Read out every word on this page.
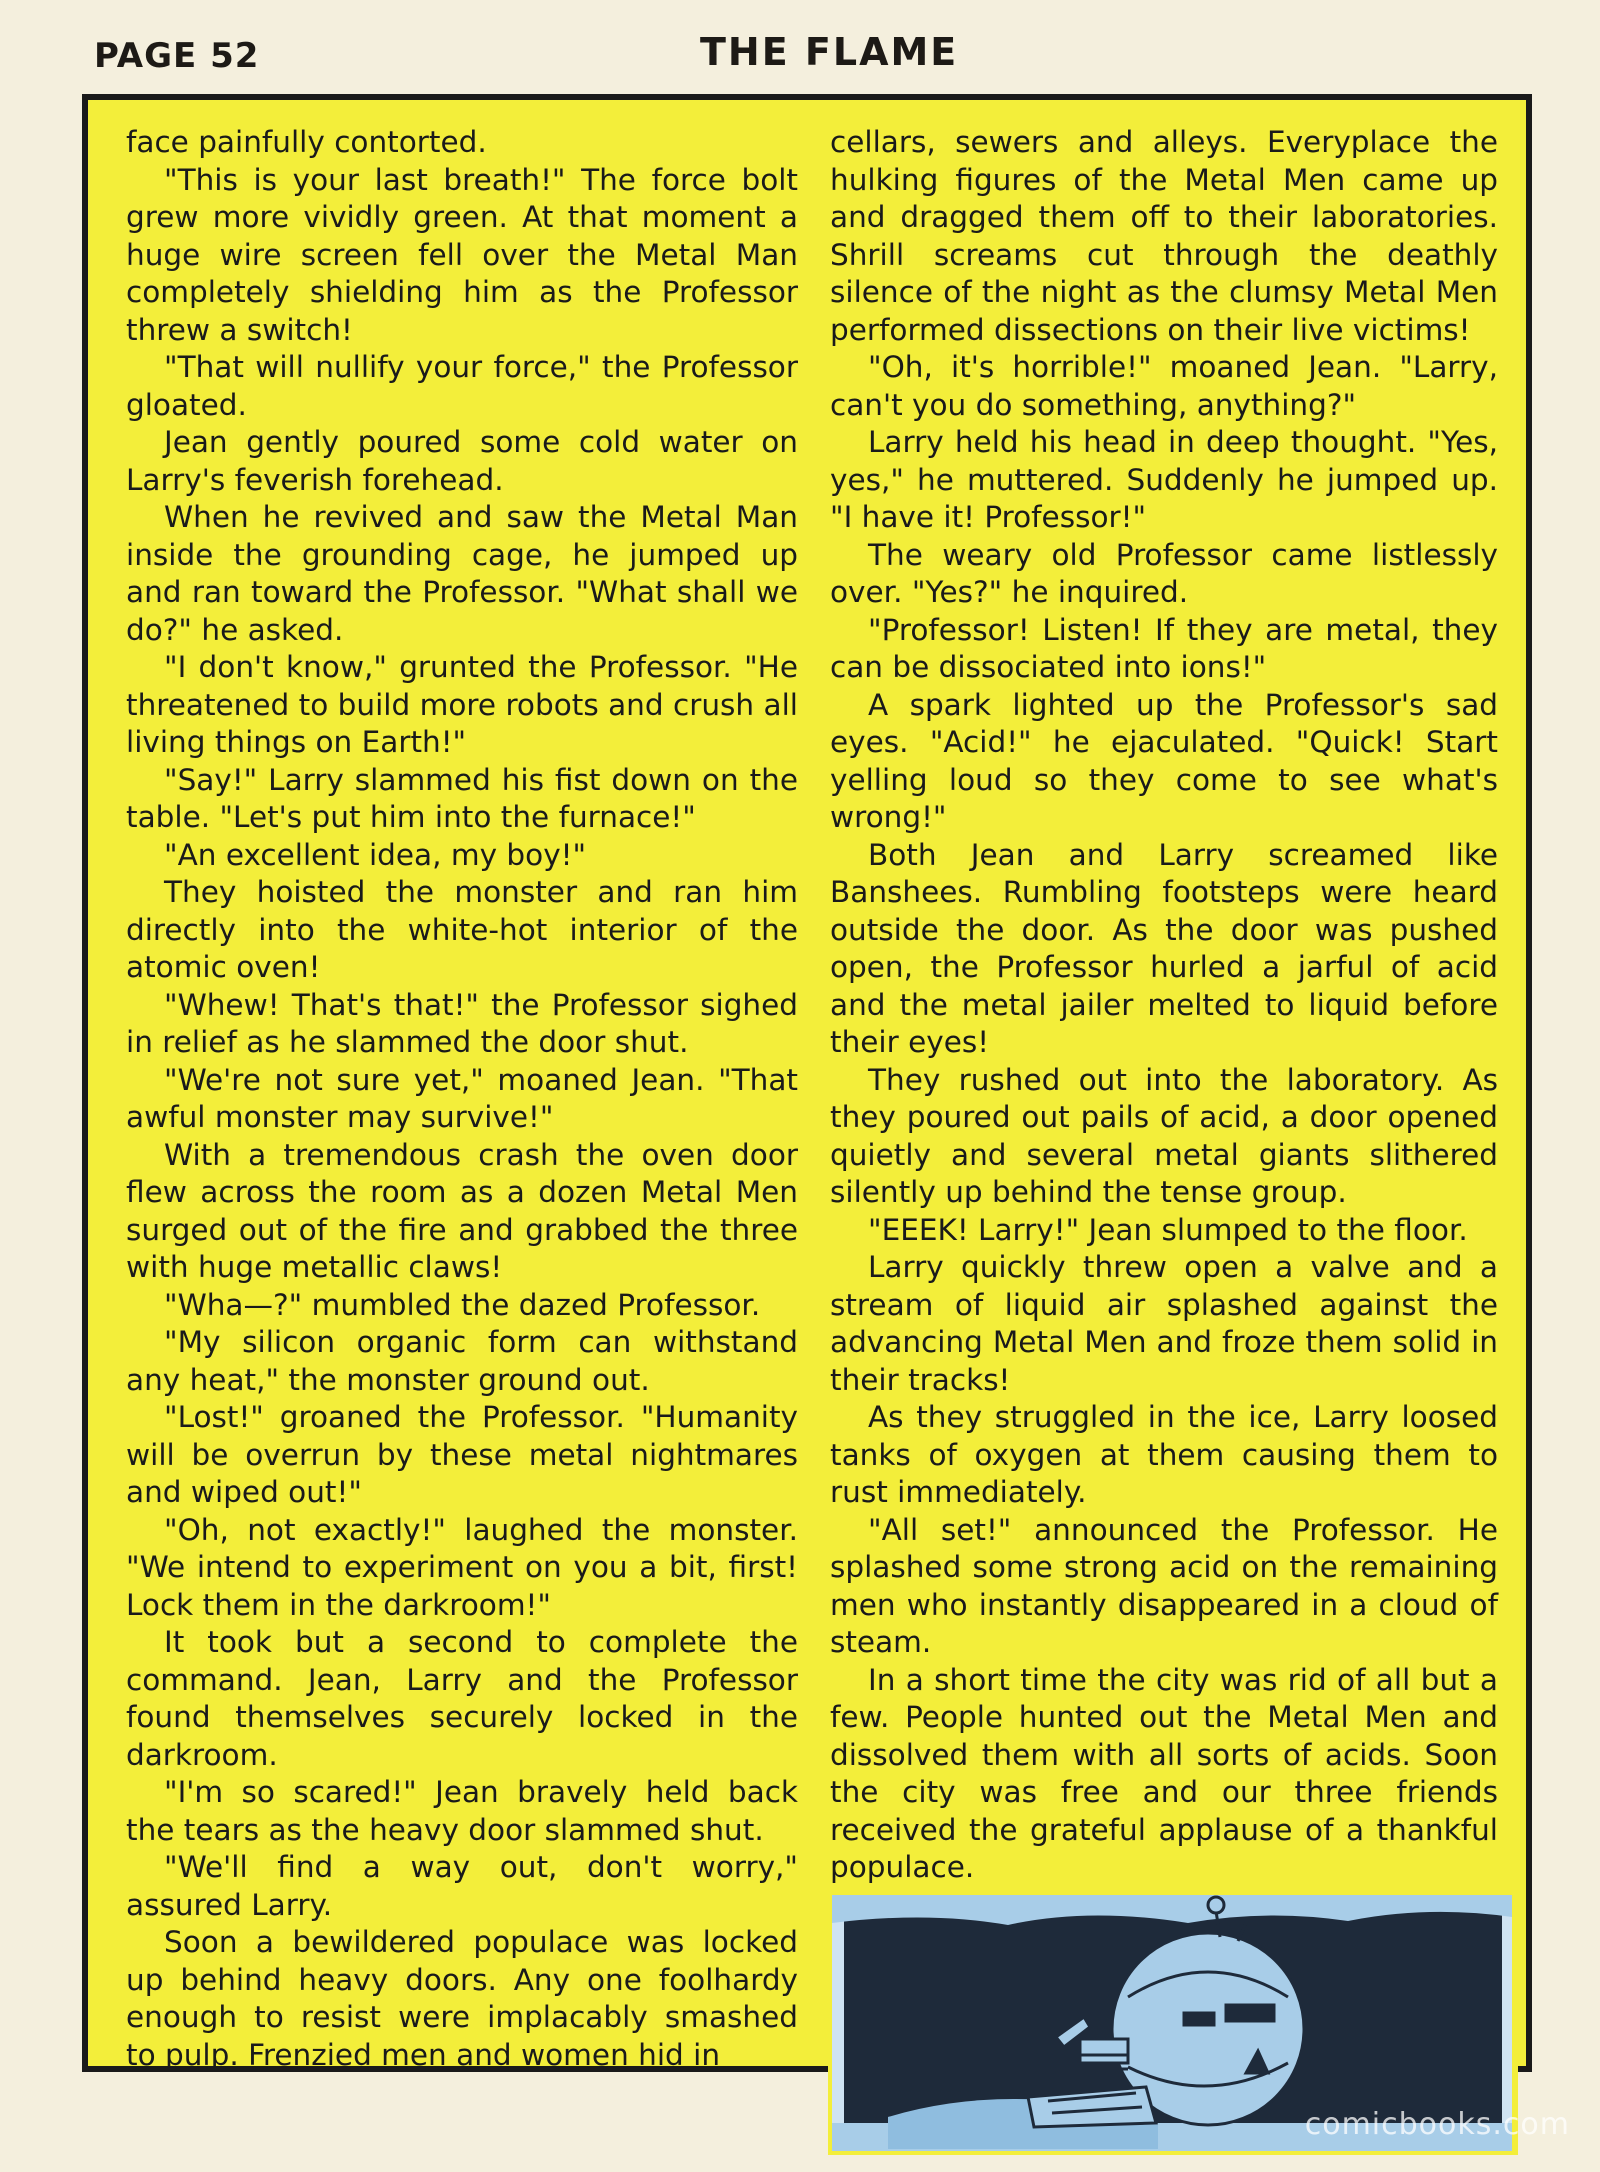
PAGE 52	THE FLAME

face painfully contorted.

"This is your last breath!" The force bolt grew more vividly green. At that moment a huge wire screen fell over the Metal Man completely shielding him as the Professor threw a switch!

"That will nullify your force," the Professor gloated.

Jean gently poured some cold water on Larry's feverish forehead.

When he revived and saw the Metal Man inside the grounding cage, he jumped up and ran toward the Professor. "What shall we do?" he asked.

"I don't know," grunted the Professor. "He threatened to build more robots and crush all living things on Earth!"

"Say!" Larry slammed his fist down on the table. "Let's put him into the furnace!"

"An excellent idea, my boy!"

They hoisted the monster and ran him directly into the white-hot interior of the atomic oven!

"Whew! That's that!" the Professor sighed in relief as he slammed the door shut.

"We're not sure yet," moaned Jean. "That awful monster may survive!"

With a tremendous crash the oven door flew across the room as a dozen Metal Men surged out of the fire and grabbed the three with huge metallic claws!

"Wha—?" mumbled the dazed Professor.

"My silicon organic form can withstand any heat," the monster ground out.

"Lost!" groaned the Professor. "Humanity will be overrun by these metal nightmares and wiped out!"

"Oh, not exactly!" laughed the monster. "We intend to experiment on you a bit, first! Lock them in the darkroom!"

It took but a second to complete the command. Jean, Larry and the Professor found themselves securely locked in the darkroom.

"I'm so scared!" Jean bravely held back the tears as the heavy door slammed shut.

"We'll find a way out, don't worry," assured Larry.

Soon a bewildered populace was locked up behind heavy doors. Any one foolhardy enough to resist were implacably smashed to pulp. Frenzied men and women hid in

cellars, sewers and alleys. Everyplace the hulking figures of the Metal Men came up and dragged them off to their laboratories. Shrill screams cut through the deathly silence of the night as the clumsy Metal Men performed dissections on their live victims!

"Oh, it's horrible!" moaned Jean. "Larry, can't you do something, anything?"

Larry held his head in deep thought. "Yes, yes," he muttered. Suddenly he jumped up. "I have it! Professor!"

The weary old Professor came listlessly over. "Yes?" he inquired.

"Professor! Listen! If they are metal, they can be dissociated into ions!"

A spark lighted up the Professor's sad eyes. "Acid!" he ejaculated. "Quick! Start yelling loud so they come to see what's wrong!"

Both Jean and Larry screamed like Banshees. Rumbling footsteps were heard outside the door. As the door was pushed open, the Professor hurled a jarful of acid and the metal jailer melted to liquid before their eyes!

They rushed out into the laboratory. As they poured out pails of acid, a door opened quietly and several metal giants slithered silently up behind the tense group.

"EEEK! Larry!" Jean slumped to the floor.

Larry quickly threw open a valve and a stream of liquid air splashed against the advancing Metal Men and froze them solid in their tracks!

As they struggled in the ice, Larry loosed tanks of oxygen at them causing them to rust immediately.

"All set!" announced the Professor. He splashed some strong acid on the remaining men who instantly disappeared in a cloud of steam.

In a short time the city was rid of all but a few. People hunted out the Metal Men and dissolved them with all sorts of acids. Soon the city was free and our three friends received the grateful applause of a thankful populace.

comicbooks.com
